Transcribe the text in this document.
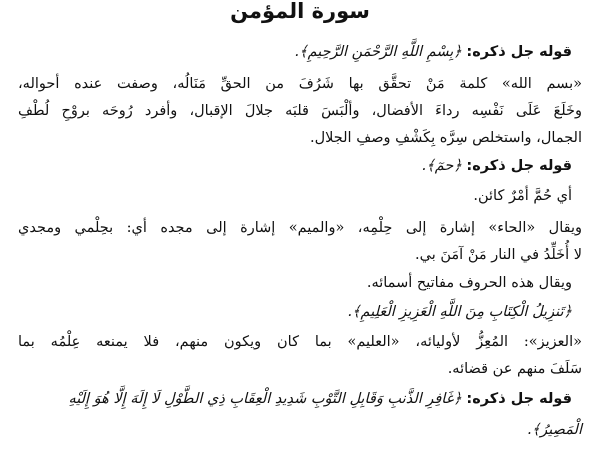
سورة المؤمن
قوله جل ذكره: ﴿بِسْمِ اللَّهِ الرَّحْمَنِ الرَّحِيمِ﴾.
«بسم الله» كلمة مَنْ تحقَّق بها شَرُفَ من الحقِّ مَنَالُه، وصفت عنده أحواله،
وخَلَعَ عَلَى نَفْسِه رداءَ الأفضال، وألْبَسَ قلبَه جلالَ الإقبال، وأفرد رُوحَه بروْحِ لُطْفِ
الجمال، واستخلص سِرَّه بِكَشْفِ وصفِ الجلال.
قوله جل ذكره: ﴿حمٓ﴾.
أي حُمَّ أمْرٌ كائن.
ويقال «الحاء» إشارة إلى حِلْمِه، «والميم» إشارة إلى مجده أي: بحِلْمي ومجدي
لا أُخَلِّدُ في النار مَنْ آمَنَ بي.
ويقال هذه الحروف مفاتيح أسمائه.
﴿تَنزِيلُ الْكِتَابِ مِنَ اللَّهِ الْعَزِيزِ الْعَلِيمِ﴾.
«العزيز»: المُعِزُّ لأوليائه، «العليم» بما كان ويكون منهم، فلا يمنعه عِلْمُه بما
سَلَفَ منهم عن قضائه.
قوله جل ذكره: ﴿غَافِرِ الذَّنبِ وَقَابِلِ التَّوْبِ شَدِيدِ الْعِقَابِ ذِي الطَّوْلِ لَا إِلَهَ إِلَّا هُوَ إِلَيْهِ
الْمَصِيرُ﴾.
